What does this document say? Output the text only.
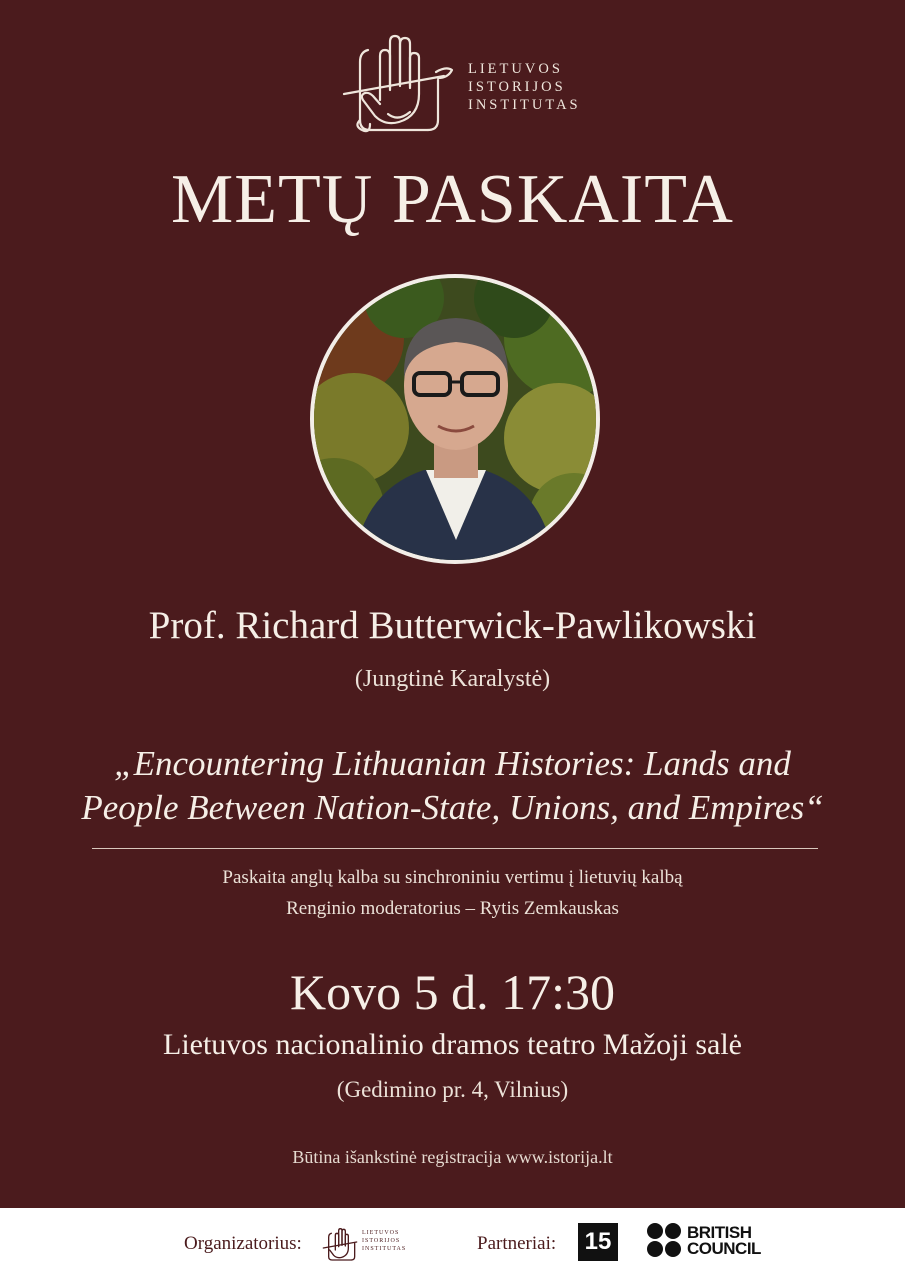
LIETUVOS
ISTORIJOS
INSTITUTAS
METŲ PASKAITA
Prof. Richard Butterwick-Pawlikowski
(Jungtinė Karalystė)
„Encountering Lithuanian Histories: Lands and
People Between Nation-State, Unions, and Empires“
Paskaita anglų kalba su sinchroniniu vertimu į lietuvių kalbą
Renginio moderatorius – Rytis Zemkauskas
Kovo 5 d. 17:30
Lietuvos nacionalinio dramos teatro Mažoji salė
(Gedimino pr. 4, Vilnius)
Būtina išankstinė registracija www.istorija.lt
Organizatorius:	LIETUVOS
ISTORIJOS
INSTITUTAS	Partneriai: 15	BRITISH
COUNCIL
